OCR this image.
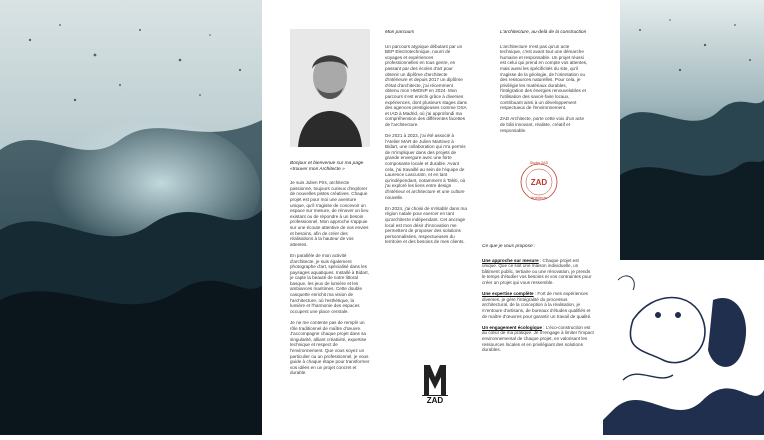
Bonjour et bienvenue sur ma page «trouver mon Architecte »

Je suis Julien Pirs, architecte passionné, toujours curieux d'explorer de nouvelles pistes créatives. Chaque projet est pour moi une aventure unique, qu'il s'agisse de concevoir un espace sur mesure, de rénover un lieu existant ou de répondre à un besoin professionnel. Mon approche s'appuie sur une écoute attentive de vos envies et besoins, afin de créer des réalisations à la hauteur de vos attentes.

En parallèle de mon activité d'architecte, je suis également photographe d'art, spécialisé dans les paysages aquatiques. Installé à Bidart, je capte la beauté de notre littoral basque, les jeux de lumière et les ambiances maritimes. Cette double casquette enrichit ma vision de l'architecture, où l'esthétique, la lumière et l'harmonie des espaces occupent une place centrale.

Je ne me contente pas de remplir un rôle traditionnel de maître d'œuvre. J'accompagne chaque projet dans sa singularité, alliant créativité, expertise technique et respect de l'environnement. Que vous soyez un particulier ou un professionnel, je vous guide à chaque étape pour transformer vos idées en un projet concret et durable.

Mon parcours

Un parcours atypique débutant par un BEP Electrotechnique, nourri de voyages et expériences professionnelles en tous genre, en passant par des écoles d'art pour obtenir un diplôme d'architecte d'intérieure et depuis 2017 un diplôme d'état d'architecte, j'ai récemment obtenu mon HMONP en 2024. Mon parcours s'est enrichi grâce à diverses expériences, dont plusieurs stages dans des agences prestigieuses comme OSA et IAD à Madrid, où j'ai approfondi ma compréhension des différentes facettes de l'architecture.

De 2021 à 2023, j'ai été associé à l'Atelier MAR de Julien Martinez à Bidart, une collaboration qui m'a permis de m'impliquer dans des projets de grande envergure avec une forte composante locale et durable. Avant cela, j'ai travaillé au sein de l'équipe de Laurence Lascuraïn, et en tant qu'indépendant, notamment à Tahiti, où j'ai exploré les liens entre design d'intérieur et architecture et une culture nouvelle.

En 2024, j'ai choisi de m'établir dans ma région natale pour exercer en tant qu'architecte indépendant. Cet ancrage local est mon désir d'innovation me permettent de proposer des solutions personnalisées, respectueuses du territoire et des besoins de mes clients.

ZAD

L'architecture, au-delà de la construction

L'architecture n'est pas qu'un acte technique, c'est avant tout une démarche humaine et responsable. Un projet réussi est celui qui prend en compte vos attentes, mais aussi les spécificités du site, qu'il s'agisse de la géologie, de l'orientation ou des ressources naturelles. Pour cela, je privilégie les matériaux durables, l'intégration des énergies renouvelables et l'utilisation des savoir-faire locaux, contribuant ainsi à un développement respectueux de l'environnement.

ZAD Architecte, porte cette voix d'un acte de bâti innovant, réaliste, créatif et responsable.

ZAD
Studio ZAD
Architecte

Ce que je vous propose :

Une approche sur mesure : Chaque projet est unique. Que ce soit une maison individuelle, un bâtiment public, tertiaire ou une rénovation, je prends le temps d'étudier vos besoins et vos contraintes pour créer un projet qui vous ressemble.

Une expertise complète : Fort de mes expériences diverses, je gère l'intégralité du processus architectural, de la conception à la réalisation, je m'entoure d'artisans, de bureaux d'études qualifiés et de maître d'œuvres pour garantir un travail de qualité.

Un engagement écologique : L'éco-construction est au cœur de ma pratique. Je m'engage à limiter l'impact environnemental de chaque projet, en valorisant les ressources locales et en privilégiant des solutions durables.
